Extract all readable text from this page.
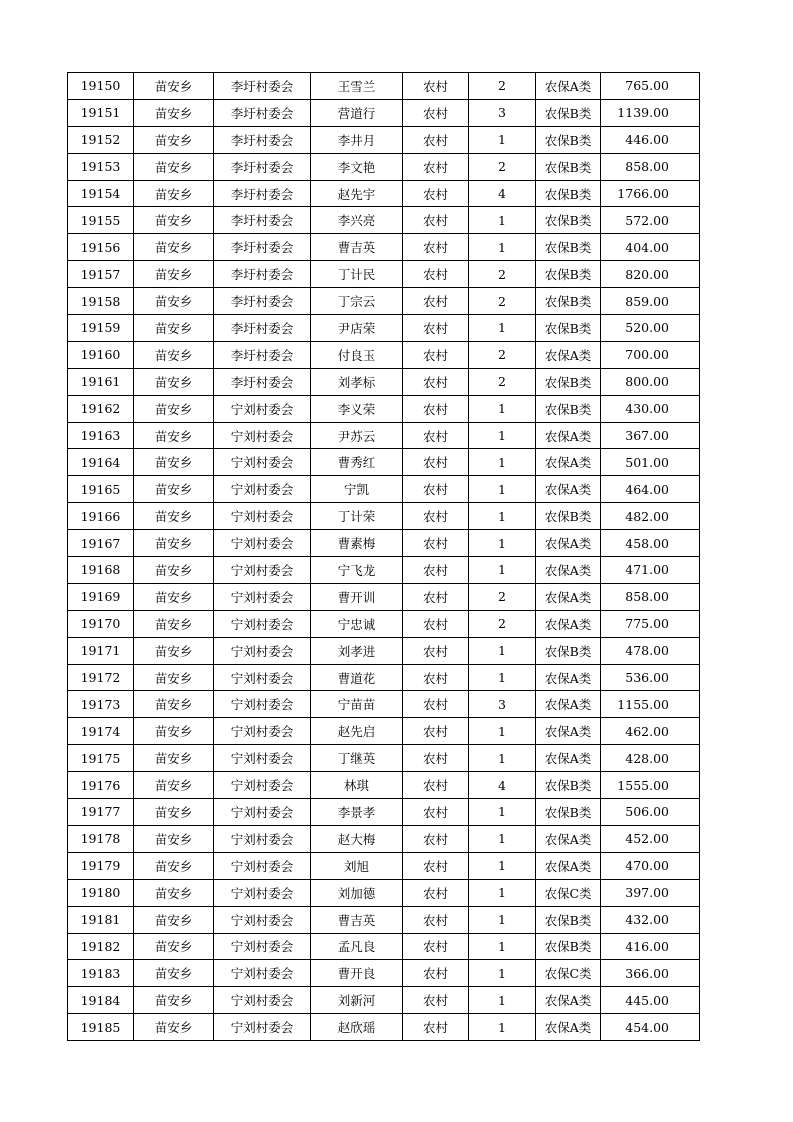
19150	苗安乡	李圩村委会	王雪兰	农村	2	农保A类	765.00
19151	苗安乡	李圩村委会	营道行	农村	3	农保B类	1139.00
19152	苗安乡	李圩村委会	李井月	农村	1	农保B类	446.00
19153	苗安乡	李圩村委会	李文艳	农村	2	农保B类	858.00
19154	苗安乡	李圩村委会	赵先宇	农村	4	农保B类	1766.00
19155	苗安乡	李圩村委会	李兴亮	农村	1	农保B类	572.00
19156	苗安乡	李圩村委会	曹吉英	农村	1	农保B类	404.00
19157	苗安乡	李圩村委会	丁计民	农村	2	农保B类	820.00
19158	苗安乡	李圩村委会	丁宗云	农村	2	农保B类	859.00
19159	苗安乡	李圩村委会	尹店荣	农村	1	农保B类	520.00
19160	苗安乡	李圩村委会	付良玉	农村	2	农保A类	700.00
19161	苗安乡	李圩村委会	刘孝标	农村	2	农保B类	800.00
19162	苗安乡	宁刘村委会	李义荣	农村	1	农保B类	430.00
19163	苗安乡	宁刘村委会	尹苏云	农村	1	农保A类	367.00
19164	苗安乡	宁刘村委会	曹秀红	农村	1	农保A类	501.00
19165	苗安乡	宁刘村委会	宁凯	农村	1	农保A类	464.00
19166	苗安乡	宁刘村委会	丁计荣	农村	1	农保B类	482.00
19167	苗安乡	宁刘村委会	曹素梅	农村	1	农保A类	458.00
19168	苗安乡	宁刘村委会	宁飞龙	农村	1	农保A类	471.00
19169	苗安乡	宁刘村委会	曹开训	农村	2	农保A类	858.00
19170	苗安乡	宁刘村委会	宁忠诚	农村	2	农保A类	775.00
19171	苗安乡	宁刘村委会	刘孝进	农村	1	农保B类	478.00
19172	苗安乡	宁刘村委会	曹道花	农村	1	农保A类	536.00
19173	苗安乡	宁刘村委会	宁苗苗	农村	3	农保A类	1155.00
19174	苗安乡	宁刘村委会	赵先启	农村	1	农保A类	462.00
19175	苗安乡	宁刘村委会	丁继英	农村	1	农保A类	428.00
19176	苗安乡	宁刘村委会	林琪	农村	4	农保B类	1555.00
19177	苗安乡	宁刘村委会	李景孝	农村	1	农保B类	506.00
19178	苗安乡	宁刘村委会	赵大梅	农村	1	农保A类	452.00
19179	苗安乡	宁刘村委会	刘旭	农村	1	农保A类	470.00
19180	苗安乡	宁刘村委会	刘加德	农村	1	农保C类	397.00
19181	苗安乡	宁刘村委会	曹吉英	农村	1	农保B类	432.00
19182	苗安乡	宁刘村委会	孟凡良	农村	1	农保B类	416.00
19183	苗安乡	宁刘村委会	曹开良	农村	1	农保C类	366.00
19184	苗安乡	宁刘村委会	刘新河	农村	1	农保A类	445.00
19185	苗安乡	宁刘村委会	赵欣瑶	农村	1	农保A类	454.00
